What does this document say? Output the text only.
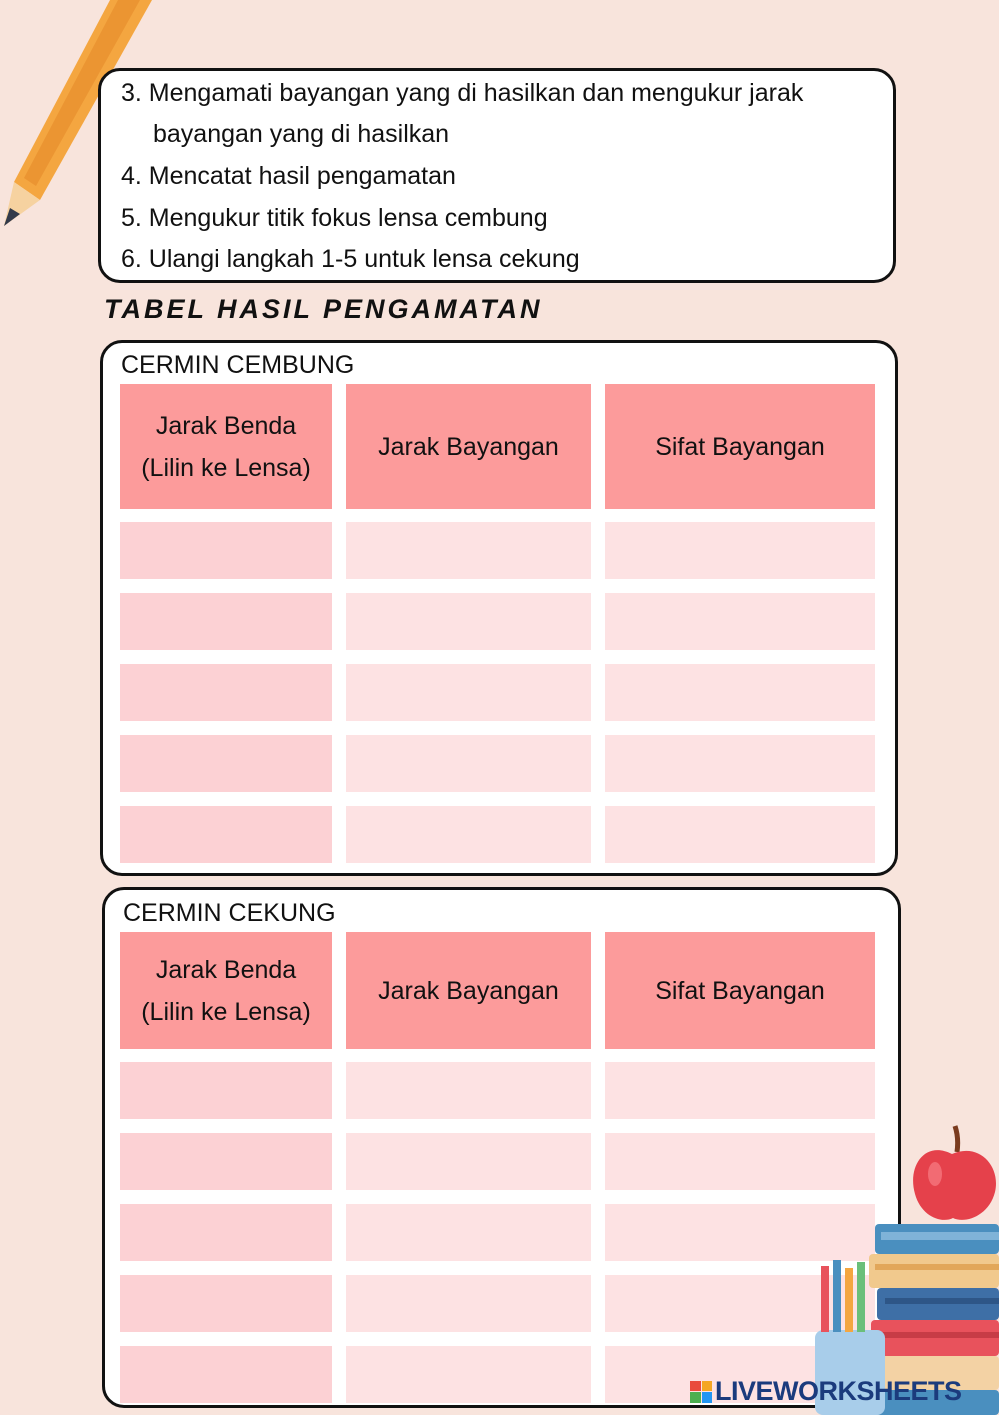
3. Mengamati bayangan yang di hasilkan dan mengukur jarak
bayangan yang di hasilkan
4. Mencatat hasil pengamatan
5. Mengukur titik fokus lensa cembung
6. Ulangi langkah 1-5 untuk lensa cekung
TABEL HASIL PENGAMATAN
CERMIN CEMBUNG
Jarak Benda
(Lilin ke Lensa)
Jarak Bayangan	Sifat Bayangan
CERMIN CEKUNG
Jarak Benda
(Lilin ke Lensa)
Jarak Bayangan	Sifat Bayangan
LIVEWORKSHEETS
